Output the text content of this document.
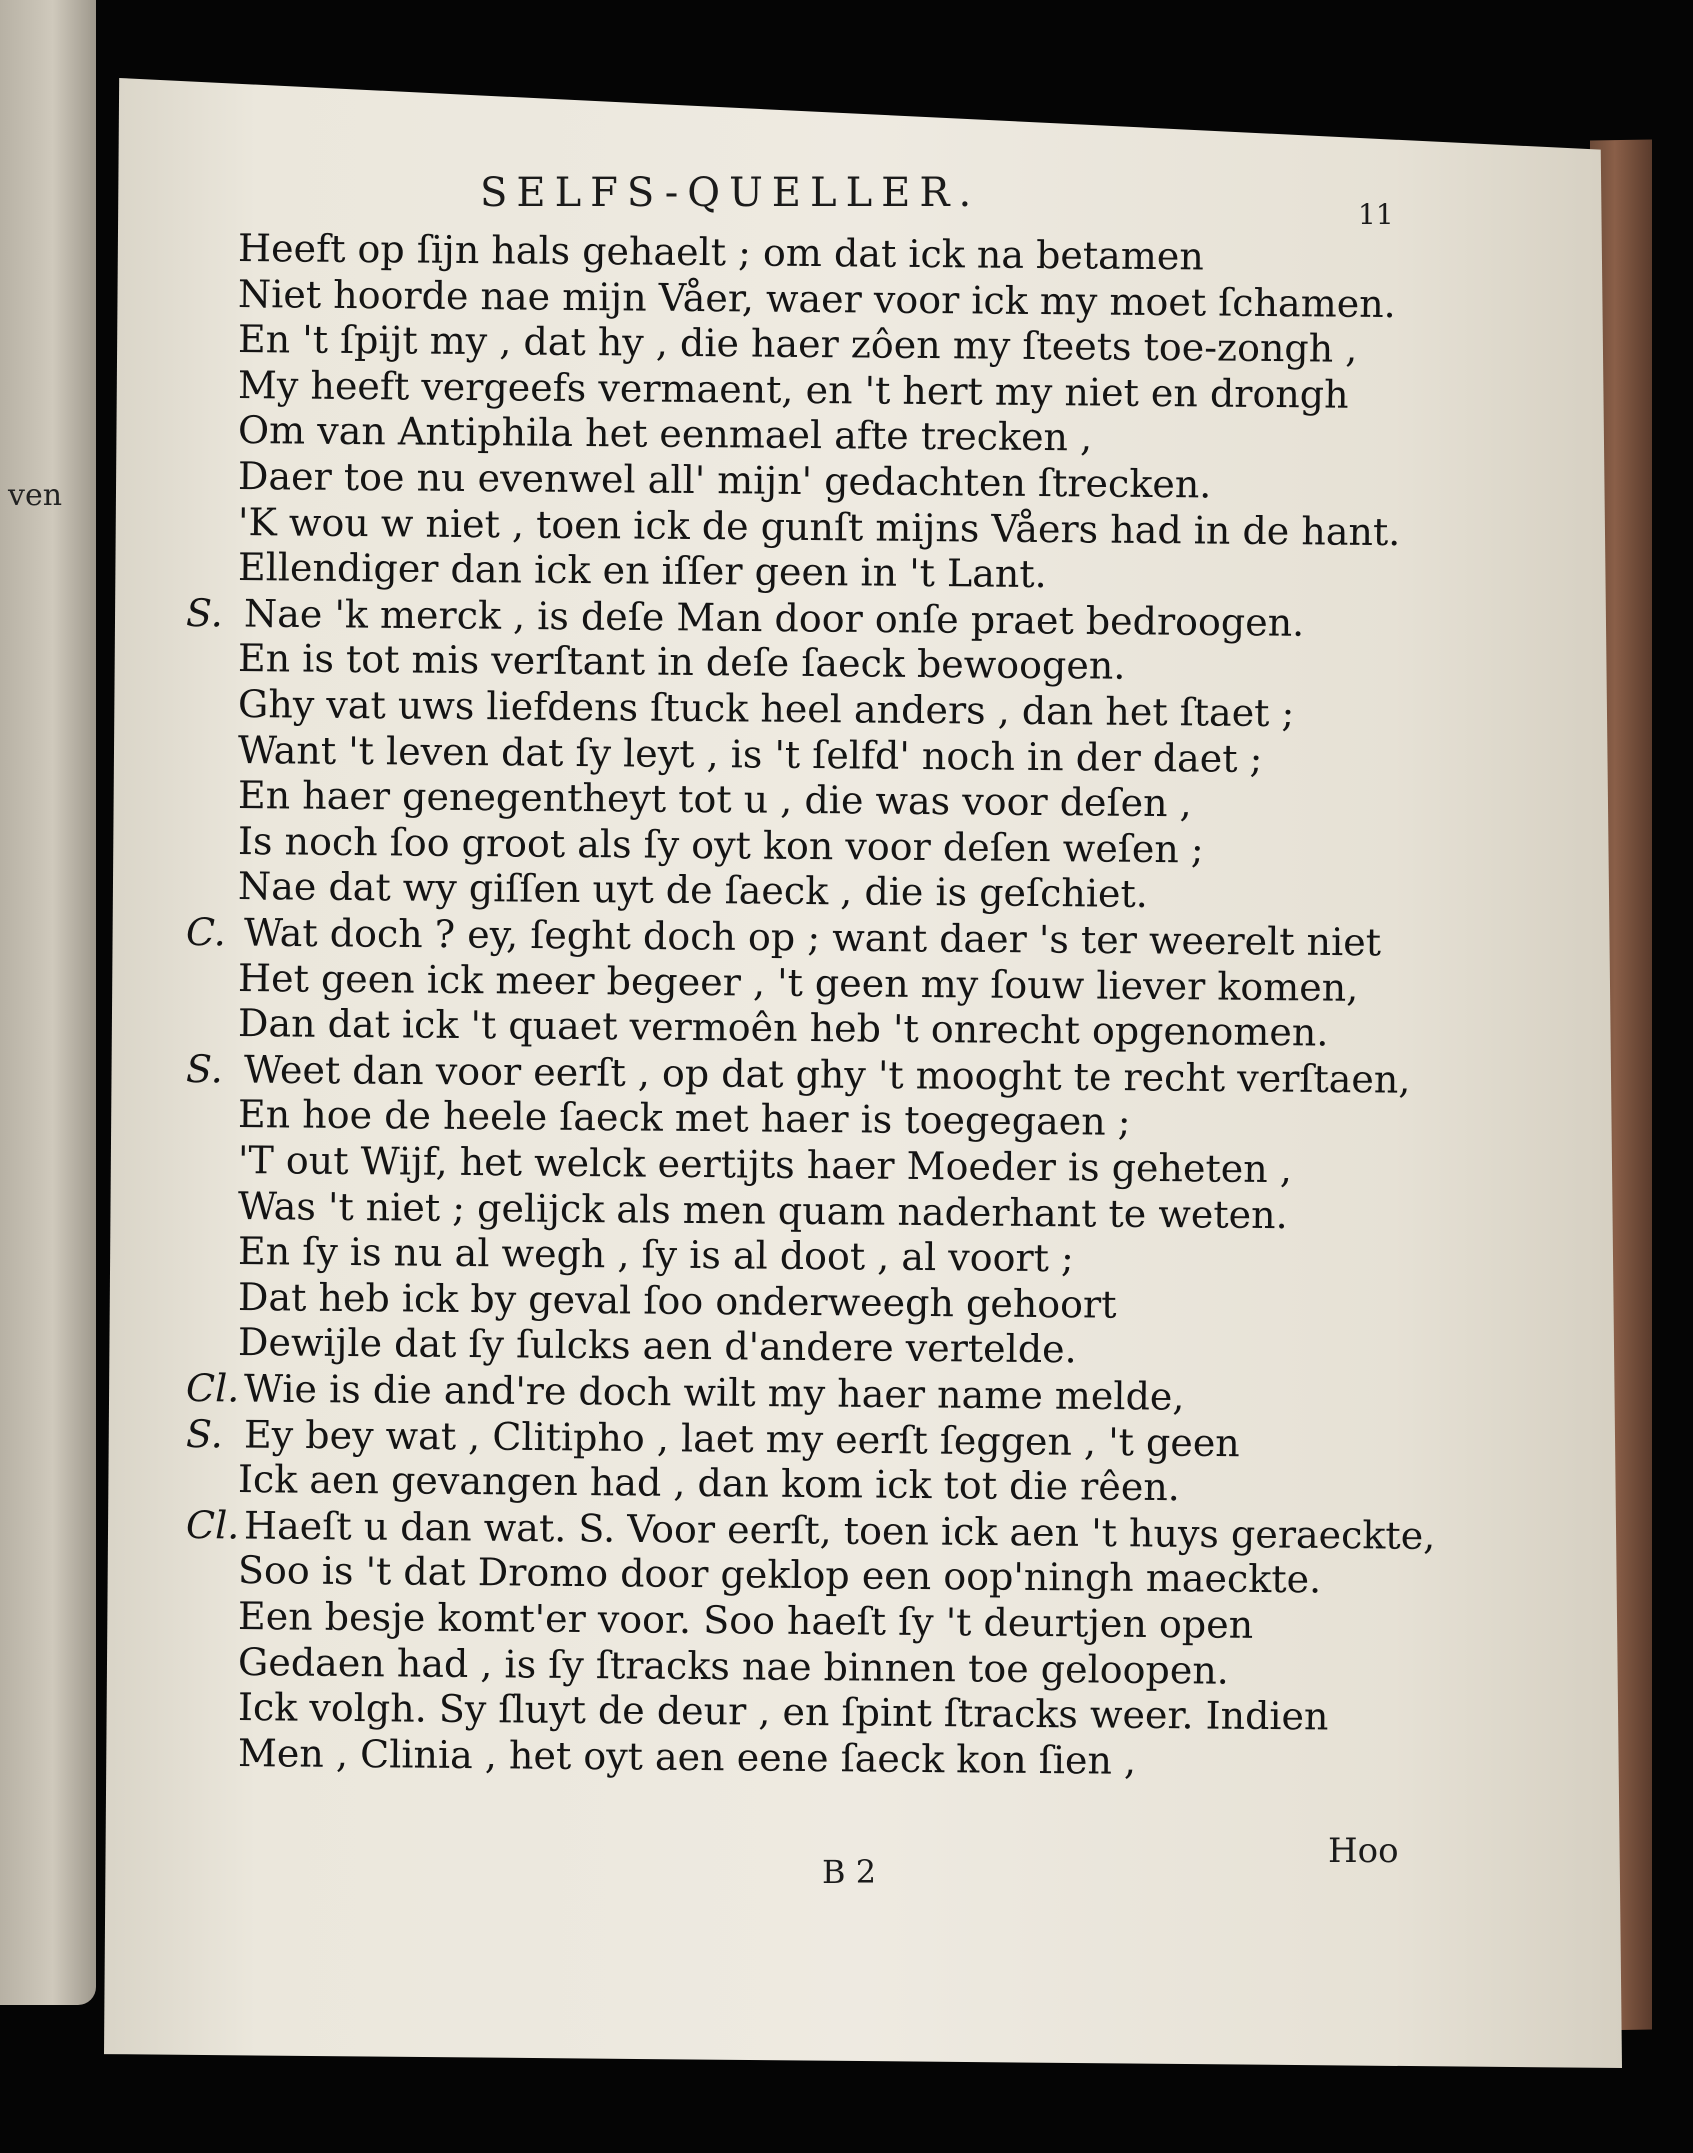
ven
SELFS-QUELLER.	11
Heeft op ſijn hals gehaelt ; om dat ick na betamen
Niet hoorde nae mijn Våer, waer voor ick my moet ſchamen.
En 't ſpijt my , dat hy , die haer zôen my ſteets toe-zongh ,
My heeft vergeefs vermaent, en 't hert my niet en drongh
Om van Antiphila het eenmael afte trecken ,
Daer toe nu evenwel all' mijn' gedachten ſtrecken.
'K wou w niet , toen ick de gunſt mijns Våers had in de hant.
Ellendiger dan ick en iſſer geen in 't Lant.
S. Nae 'k merck , is deſe Man door onſe praet bedroogen.
En is tot mis verſtant in deſe ſaeck bewoogen.
Ghy vat uws liefdens ſtuck heel anders , dan het ſtaet ;
Want 't leven dat ſy leyt , is 't ſelfd' noch in der daet ;
En haer genegentheyt tot u , die was voor deſen ,
Is noch ſoo groot als ſy oyt kon voor deſen weſen ;
Nae dat wy giſſen uyt de ſaeck , die is geſchiet.
C. Wat doch ? ey, ſeght doch op ; want daer 's ter weerelt niet
Het geen ick meer begeer , 't geen my ſouw liever komen,
Dan dat ick 't quaet vermoên heb 't onrecht opgenomen.
S. Weet dan voor eerſt , op dat ghy 't mooght te recht verſtaen,
En hoe de heele ſaeck met haer is toegegaen ;
'T out Wijf, het welck eertijts haer Moeder is geheten ,
Was 't niet ; gelijck als men quam naderhant te weten.
En ſy is nu al wegh , ſy is al doot , al voort ;
Dat heb ick by geval ſoo onderweegh gehoort
Dewijle dat ſy ſulcks aen d'andere vertelde.
Cl. Wie is die and're doch wilt my haer name melde,
S. Ey bey wat , Clitipho , laet my eerſt ſeggen , 't geen
Ick aen gevangen had , dan kom ick tot die rêen.
Cl. Haeſt u dan wat. S. Voor eerſt, toen ick aen 't huys geraeckte,
Soo is 't dat Dromo door geklop een oop'ningh maeckte.
Een besje komt'er voor. Soo haeſt ſy 't deurtjen open
Gedaen had , is ſy ſtracks nae binnen toe geloopen.
Ick volgh. Sy ſluyt de deur , en ſpint ſtracks weer. Indien
Men , Clinia , het oyt aen eene ſaeck kon ſien ,
B 2
Hoo
